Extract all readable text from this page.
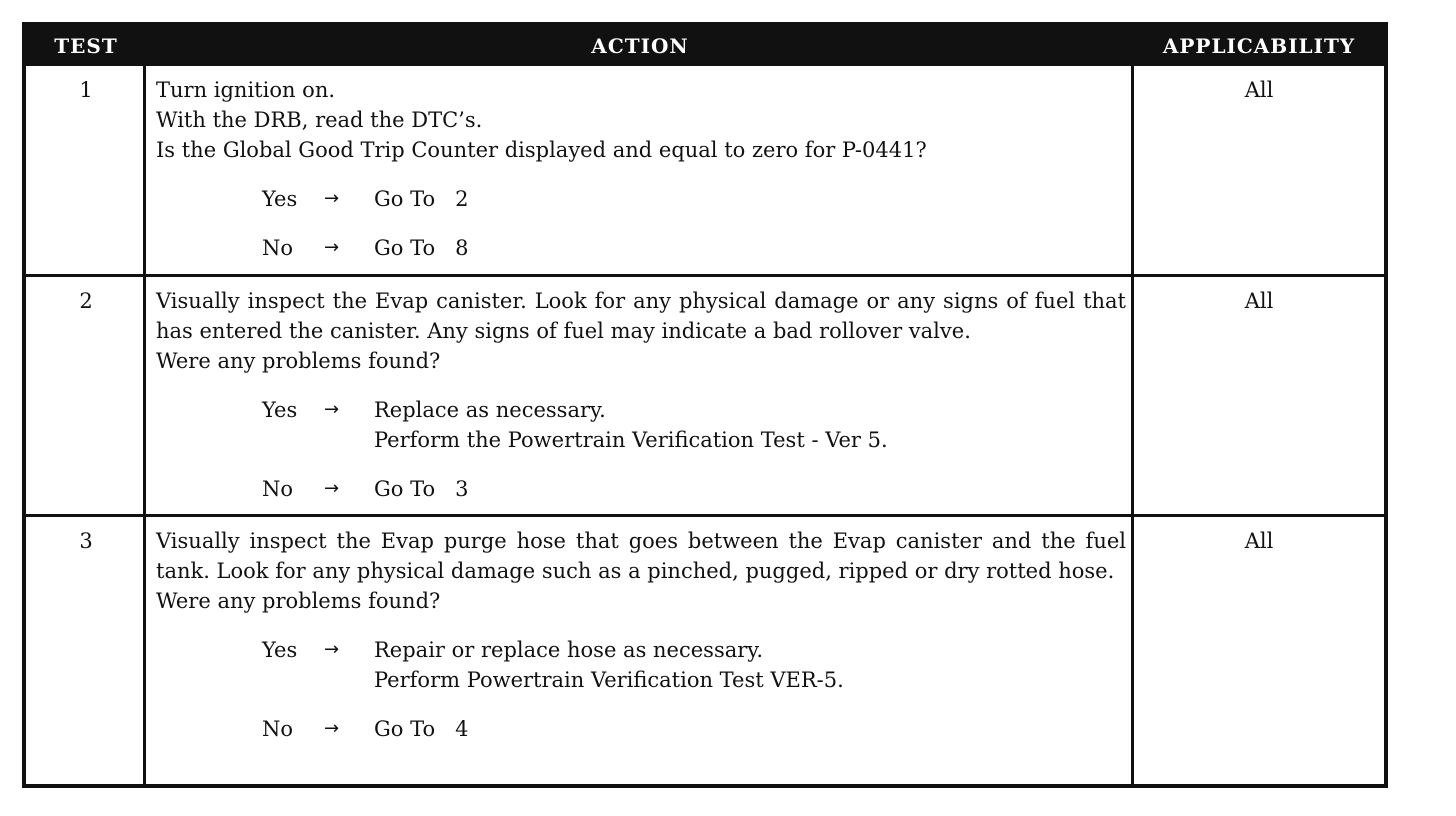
TEST	ACTION	APPLICABILITY
1	Turn ignition on.
With the DRB, read the DTC’s.
Is the Global Good Trip Counter displayed and equal to zero for P-0441?

Yes	→	Go To   2
No	→	Go To   8
All
2	Visually inspect the Evap canister. Look for any physical damage or any signs of fuel that has entered the canister. Any signs of fuel may indicate a bad rollover valve.
Were any problems found?

Yes	→	Replace as necessary.
Perform the Powertrain Verification Test - Ver 5.
No	→	Go To   3
All
3	Visually inspect the Evap purge hose that goes between the Evap canister and the fuel tank. Look for any physical damage such as a pinched, pugged, ripped or dry rotted hose.
Were any problems found?

Yes	→	Repair or replace hose as necessary.
Perform Powertrain Verification Test VER-5.
No	→	Go To   4
All
